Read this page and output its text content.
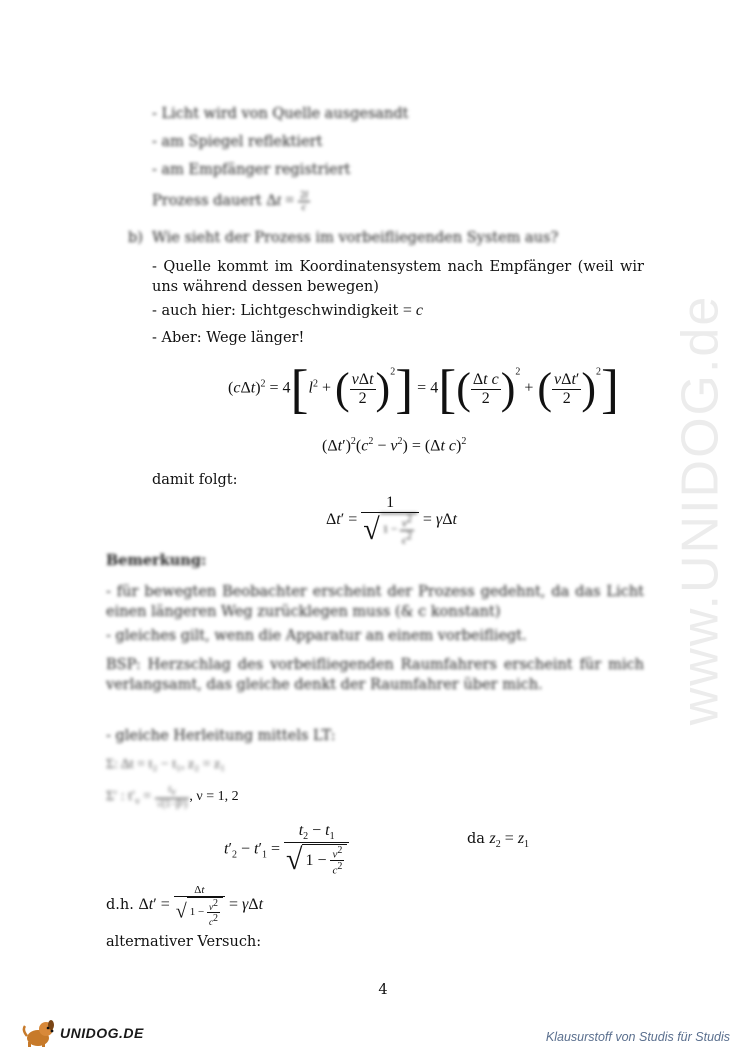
www.UNIDOG.de
- Licht wird von Quelle ausgesandt
- am Spiegel reflektiert
- am Empfänger registriert
Prozess dauert $\Delta t = \frac{2l}{c}$
b) Wie sieht der Prozess im vorbeifliegenden System aus?
- Quelle kommt im Koordinatensystem nach Empfänger (weil wir uns während dessen bewegen)
- auch hier: Lichtgeschwindigkeit = c
- Aber: Wege länger!
$(c\Delta t)^2 = 4[l^2$ + ( $\frac{\text{vΔt}}{2} )^2] = 4[( \frac{\text{Δt c}}{2} )^2$ + ( $\frac{\text{vΔt′}}{2} )^2$]
$(\Delta t')^2(c^2 - v^2) = (\Delta t$ c)$^2$
damit folgt:
$\Delta t' = \frac{1}{√ 1 - \frac{v^2}{c^2}} = \gamma\Delta t$
Bemerkung:
- für bewegten Beobachter erscheint der Prozess gedehnt, da das Licht einen längeren Weg zurücklegen muss (& c konstant)
- gleiches gilt, wenn die Apparatur an einem vorbeifliegt.
BSP: Herzschlag des vorbeifliegenden Raumfahrers erscheint für mich verlangsamt, das gleiche denkt der Raumfahrer über mich.
- gleiche Herleitung mittels LT:
Σ: Δt = t₂ − t₁, z₂ = z₁
Σ′ : $t'_\nu = \frac{t_\nu}{\text{√(1−β²)}}$ , ν = 1, 2
$t'_2 - t'_1 = \frac{t_2 - t_1}{√ 1 - \frac{v^2}{c^2}}$	da $z_2 = z_1$
d.h. $\Delta t' = \frac{\Delta t}{√ 1 - \frac{v^2}{c^2}} = \gamma\Delta t$
alternativer Versuch:
4
UNIDOG.DE	Klausurstoff von Studis für Studis
